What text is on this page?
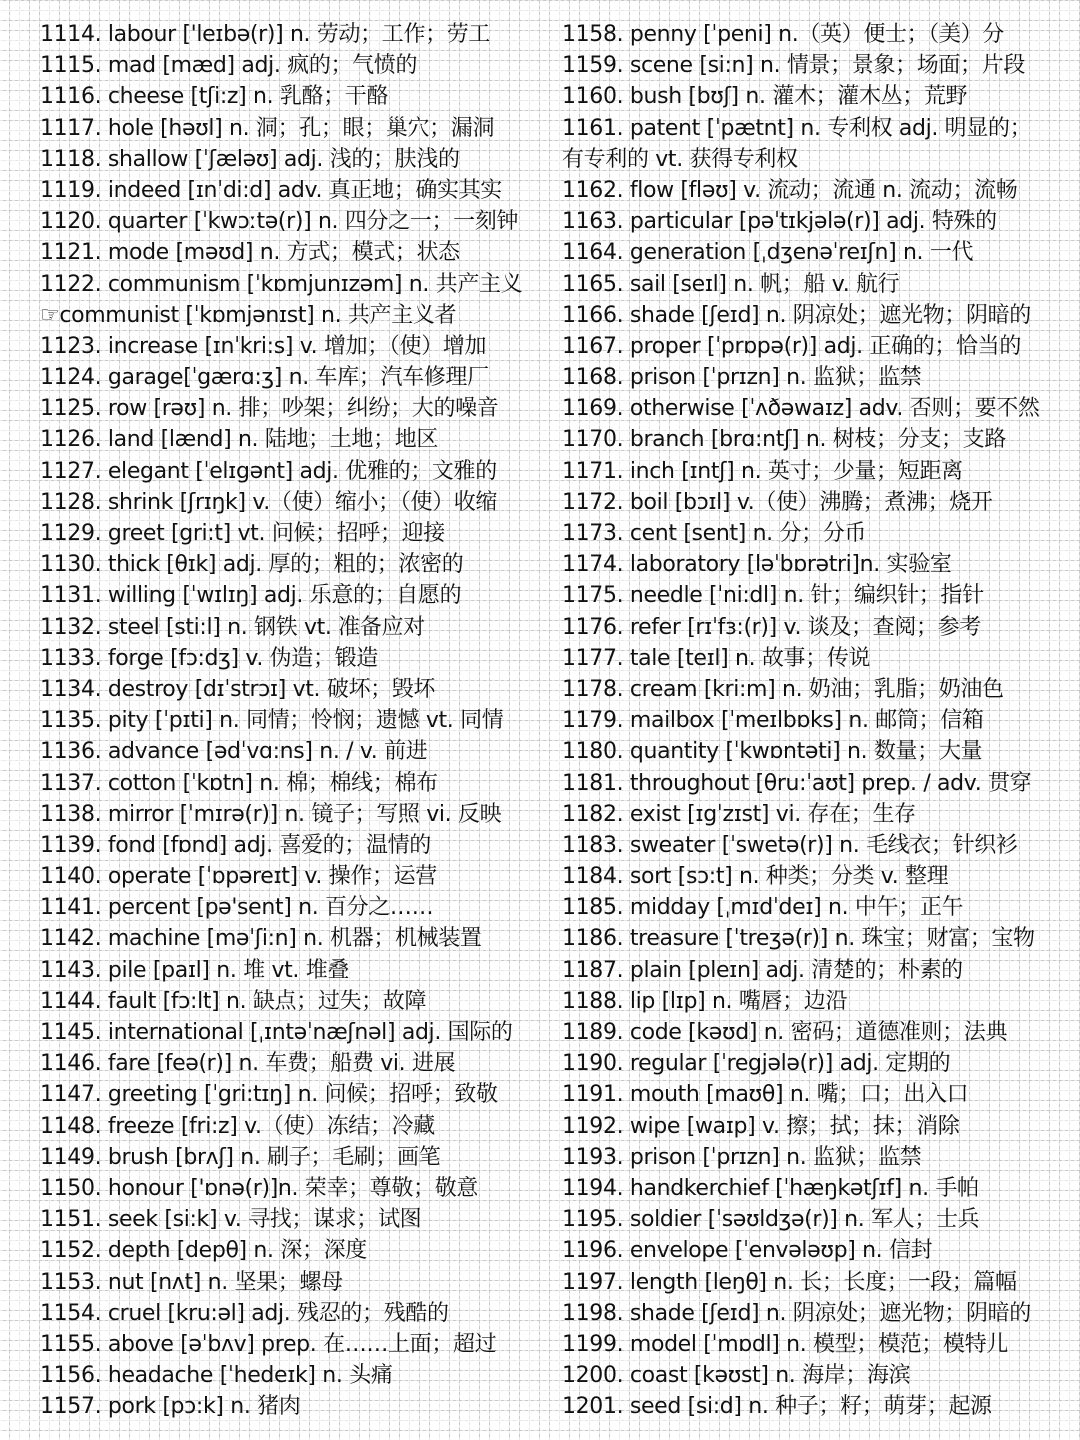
1114. labour ['leɪbə(r)] n. 劳动；工作；劳工
1115. mad [mæd] adj. 疯的；气愤的
1116. cheese [tʃi:z] n. 乳酪；干酪
1117. hole [həʊl] n. 洞；孔；眼；巢穴；漏洞
1118. shallow [ˈʃæləʊ] adj. 浅的；肤浅的
1119. indeed [ɪnˈdi:d] adv. 真正地；确实其实
1120. quarter [ˈkwɔːtə(r)] n. 四分之一；一刻钟
1121. mode [məʊd] n. 方式；模式；状态
1122. communism [ˈkɒmjunɪzəm] n. 共产主义
☞communist [ˈkɒmjənɪst] n. 共产主义者
1123. increase [ɪnˈkri:s] v. 增加；（使）增加
1124. garage[ˈgærɑ:ʒ] n. 车库；汽车修理厂
1125. row [rəʊ] n. 排；吵架；纠纷；大的噪音
1126. land [lænd] n. 陆地；土地；地区
1127. elegant [ˈelɪgənt] adj. 优雅的；文雅的
1128. shrink [ʃrɪŋk] v.（使）缩小；（使）收缩
1129. greet [gri:t] vt. 问候；招呼；迎接
1130. thick [θɪk] adj. 厚的；粗的；浓密的
1131. willing [ˈwɪlɪŋ] adj. 乐意的；自愿的
1132. steel [sti:l] n. 钢铁 vt. 准备应对
1133. forge [fɔ:dʒ] v. 伪造；锻造
1134. destroy [dɪˈstrɔɪ] vt. 破坏；毁坏
1135. pity [ˈpɪti] n. 同情；怜悯；遗憾 vt. 同情
1136. advance [ədˈvɑ:ns] n. / v. 前进
1137. cotton [ˈkɒtn] n. 棉；棉线；棉布
1138. mirror [ˈmɪrə(r)] n. 镜子；写照 vi. 反映
1139. fond [fɒnd] adj. 喜爱的；温情的
1140. operate [ˈɒpəreɪt] v. 操作；运营
1141. percent [pə'sent] n. 百分之……
1142. machine [məˈʃi:n] n. 机器；机械装置
1143. pile [paɪl] n. 堆 vt. 堆叠
1144. fault [fɔ:lt] n. 缺点；过失；故障
1145. international [ˌɪntəˈnæʃnəl] adj. 国际的
1146. fare [feə(r)] n. 车费；船费 vi. 进展
1147. greeting [ˈgri:tɪŋ] n. 问候；招呼；致敬
1148. freeze [fri:z] v.（使）冻结；冷藏
1149. brush [brʌʃ] n. 刷子；毛刷；画笔
1150. honour ['ɒnə(r)]n. 荣幸；尊敬；敬意
1151. seek [si:k] v. 寻找；谋求；试图
1152. depth [depθ] n. 深；深度
1153. nut [nʌt] n. 坚果；螺母
1154. cruel [kru:əl] adj. 残忍的；残酷的
1155. above [əˈbʌv] prep. 在……上面；超过
1156. headache [ˈhedeɪk] n. 头痛
1157. pork [pɔ:k] n. 猪肉
1158. penny [ˈpeni] n.（英）便士；（美）分
1159. scene [si:n] n. 情景；景象；场面；片段
1160. bush [bʊʃ] n. 灌木；灌木丛；荒野
1161. patent [ˈpætnt] n. 专利权 adj. 明显的；
有专利的 vt. 获得专利权
1162. flow [fləʊ] v. 流动；流通 n. 流动；流畅
1163. particular [pəˈtɪkjələ(r)] adj. 特殊的
1164. generation [ˌdʒenəˈreɪʃn] n. 一代
1165. sail [seɪl] n. 帆；船 v. 航行
1166. shade [ʃeɪd] n. 阴凉处；遮光物；阴暗的
1167. proper [ˈprɒpə(r)] adj. 正确的；恰当的
1168. prison [ˈprɪzn] n. 监狱；监禁
1169. otherwise [ˈʌðəwaɪz] adv. 否则；要不然
1170. branch [brɑ:ntʃ] n. 树枝；分支；支路
1171. inch [ɪntʃ] n. 英寸；少量；短距离
1172. boil [bɔɪl] v.（使）沸腾；煮沸；烧开
1173. cent [sent] n. 分；分币
1174. laboratory [ləˈbɒrətri]n. 实验室
1175. needle [ˈni:dl] n. 针；编织针；指针
1176. refer [rɪˈfɜ:(r)] v. 谈及；查阅；参考
1177. tale [teɪl] n. 故事；传说
1178. cream [kri:m] n. 奶油；乳脂；奶油色
1179. mailbox [ˈmeɪlbɒks] n. 邮筒；信箱
1180. quantity [ˈkwɒntəti] n. 数量；大量
1181. throughout [θru:ˈaʊt] prep. / adv. 贯穿
1182. exist [ɪgˈzɪst] vi. 存在；生存
1183. sweater [ˈswetə(r)] n. 毛线衣；针织衫
1184. sort [sɔ:t] n. 种类；分类 v. 整理
1185. midday [ˌmɪdˈdeɪ] n. 中午；正午
1186. treasure [ˈtreʒə(r)] n. 珠宝；财富；宝物
1187. plain [pleɪn] adj. 清楚的；朴素的
1188. lip [lɪp] n. 嘴唇；边沿
1189. code [kəʊd] n. 密码；道德准则；法典
1190. regular [ˈregjələ(r)] adj. 定期的
1191. mouth [maʊθ] n. 嘴；口；出入口
1192. wipe [waɪp] v. 擦；拭；抹；消除
1193. prison [ˈprɪzn] n. 监狱；监禁
1194. handkerchief [ˈhæŋkətʃɪf] n. 手帕
1195. soldier [ˈsəʊldʒə(r)] n. 军人；士兵
1196. envelope [ˈenvələʊp] n. 信封
1197. length [leŋθ] n. 长；长度；一段；篇幅
1198. shade [ʃeɪd] n. 阴凉处；遮光物；阴暗的
1199. model [ˈmɒdl] n. 模型；模范；模特儿
1200. coast [kəʊst] n. 海岸；海滨
1201. seed [si:d] n. 种子；籽；萌芽；起源
